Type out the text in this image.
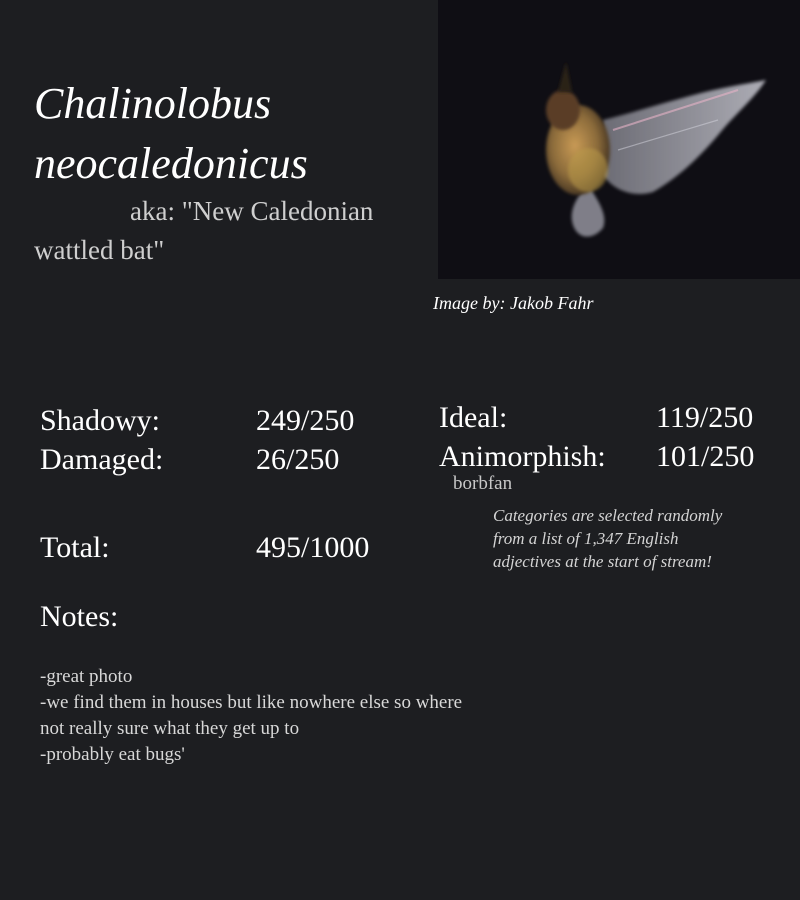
Chalinolobus
neocaledonicus
aka: "New Caledonian wattled bat"
Image by: Jakob Fahr
Shadowy:	249/250
Damaged:	26/250
Total:	495/1000
Ideal:	119/250
Animorphish: 101/250
borbfan
Categories are selected randomly from a list of 1,347 English adjectives at the start of stream!
Notes:
-great photo
-we find them in houses but like nowhere else so where
not really sure what they get up to
-probably eat bugs'
